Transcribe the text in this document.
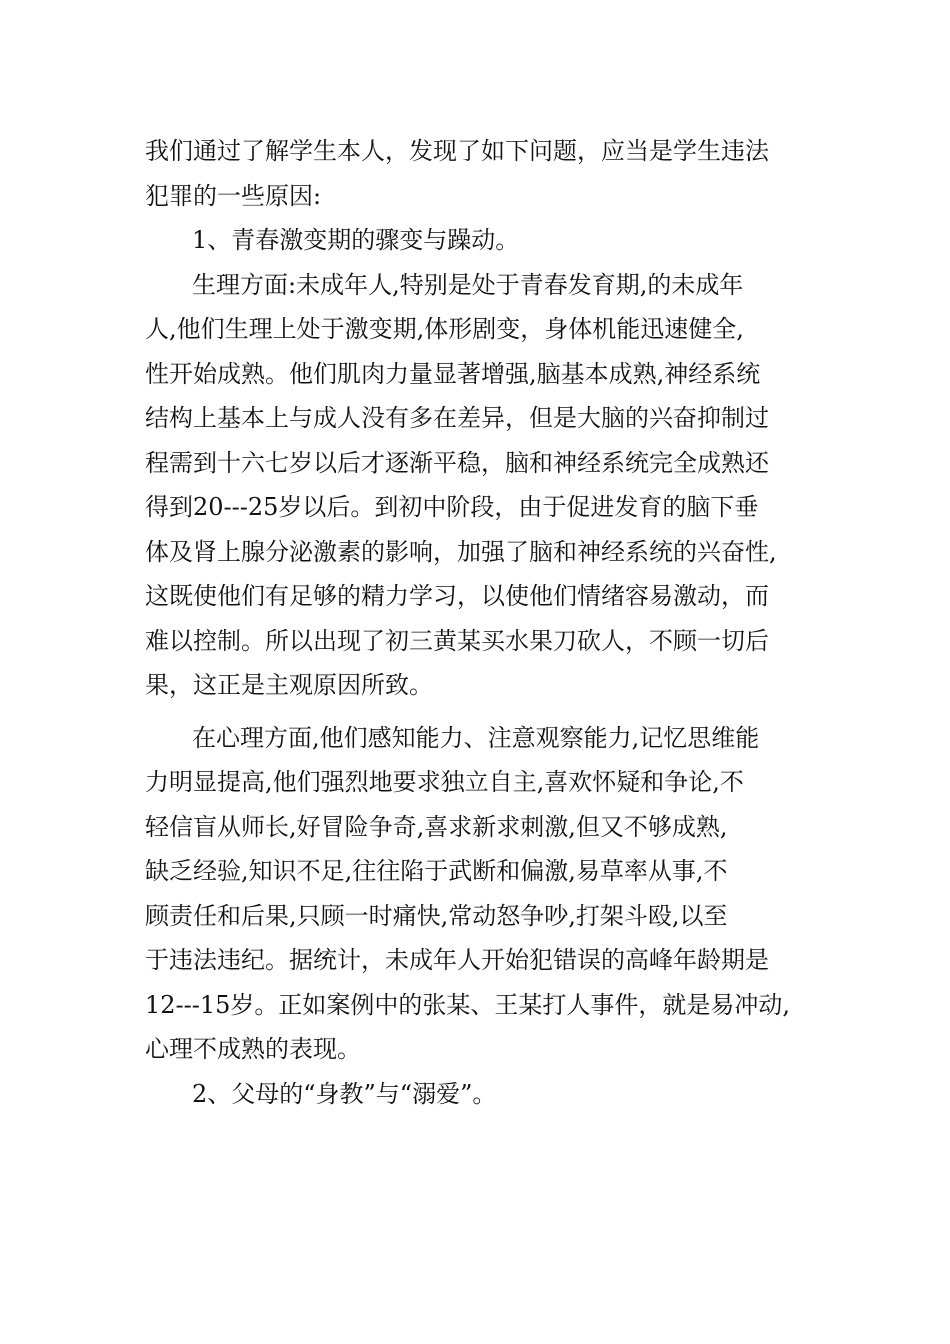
我们通过了解学生本人，发现了如下问题，应当是学生违法
犯罪的一些原因:
1、青春激变期的骤变与躁动。
生理方面:未成年人,特别是处于青春发育期,的未成年
人,他们生理上处于激变期,体形剧变，身体机能迅速健全,
性开始成熟。他们肌肉力量显著增强,脑基本成熟,神经系统
结构上基本上与成人没有多在差异，但是大脑的兴奋抑制过
程需到十六七岁以后才逐渐平稳，脑和神经系统完全成熟还
得到20---25岁以后。到初中阶段，由于促进发育的脑下垂
体及肾上腺分泌激素的影响，加强了脑和神经系统的兴奋性,
这既使他们有足够的精力学习，以使他们情绪容易激动，而
难以控制。所以出现了初三黄某买水果刀砍人，不顾一切后
果，这正是主观原因所致。
在心理方面,他们感知能力、注意观察能力,记忆思维能
力明显提高,他们强烈地要求独立自主,喜欢怀疑和争论,不
轻信盲从师长,好冒险争奇,喜求新求刺激,但又不够成熟,
缺乏经验,知识不足,往往陷于武断和偏激,易草率从事,不
顾责任和后果,只顾一时痛快,常动怒争吵,打架斗殴,以至
于违法违纪。据统计，未成年人开始犯错误的高峰年龄期是
12---15岁。正如案例中的张某、王某打人事件，就是易冲动,
心理不成熟的表现。
2、父母的“身教”与“溺爱”。
